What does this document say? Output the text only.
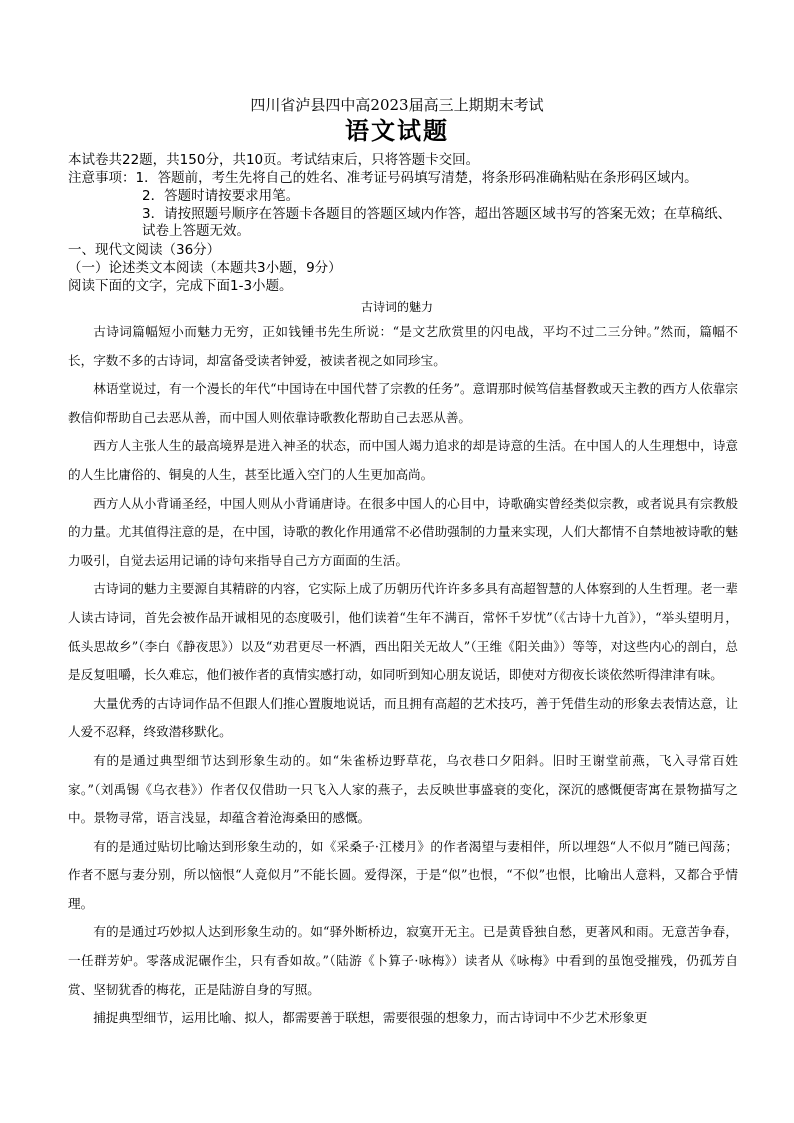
四川省泸县四中高2023届高三上期期末考试
语文试题
本试卷共22题，共150分，共10页。考试结束后，只将答题卡交回。
注意事项：1．答题前，考生先将自己的姓名、准考证号码填写清楚，将条形码准确粘贴在条形码区域内。
2．答题时请按要求用笔。
3．请按照题号顺序在答题卡各题目的答题区域内作答，超出答题区域书写的答案无效；在草稿纸、试卷上答题无效。
一、现代文阅读（36分）
（一）论述类文本阅读（本题共3小题，9分）
阅读下面的文字，完成下面1-3小题。
古诗词的魅力

古诗词篇幅短小而魅力无穷，正如钱锺书先生所说：“是文艺欣赏里的闪电战，平均不过二三分钟。”然而，篇幅不长，字数不多的古诗词，却富备受读者钟爱，被读者视之如同珍宝。

林语堂说过，有一个漫长的年代“中国诗在中国代替了宗教的任务”。意谓那时候笃信基督教或天主教的西方人依靠宗教信仰帮助自己去恶从善，而中国人则依靠诗歌教化帮助自己去恶从善。

西方人主张人生的最高境界是进入神圣的状态，而中国人竭力追求的却是诗意的生活。在中国人的人生理想中，诗意的人生比庸俗的、铜臭的人生，甚至比遁入空门的人生更加高尚。

西方人从小背诵圣经，中国人则从小背诵唐诗。在很多中国人的心目中，诗歌确实曾经类似宗教，或者说具有宗教般的力量。尤其值得注意的是，在中国，诗歌的教化作用通常不必借助强制的力量来实现，人们大都情不自禁地被诗歌的魅力吸引，自觉去运用记诵的诗句来指导自己方方面面的生活。

古诗词的魅力主要源自其精辟的内容，它实际上成了历朝历代许许多多具有高超智慧的人体察到的人生哲理。老一辈人读古诗词，首先会被作品开诚相见的态度吸引，他们读着“生年不满百，常怀千岁忧”（《古诗十九首》），“举头望明月，低头思故乡”（李白《静夜思》）以及“劝君更尽一杯酒，西出阳关无故人”（王维《阳关曲》）等等，对这些内心的剖白，总是反复咀嚼，长久难忘，他们被作者的真情实感打动，如同听到知心朋友说话，即使对方彻夜长谈依然听得津津有味。

大量优秀的古诗词作品不但跟人们推心置腹地说话，而且拥有高超的艺术技巧，善于凭借生动的形象去表情达意，让人爱不忍释，终致潜移默化。

有的是通过典型细节达到形象生动的。如“朱雀桥边野草花，乌衣巷口夕阳斜。旧时王谢堂前燕，飞入寻常百姓家。”（刘禹锡《乌衣巷》）作者仅仅借助一只飞入人家的燕子，去反映世事盛衰的变化，深沉的感慨便寄寓在景物描写之中。景物寻常，语言浅显，却蕴含着沧海桑田的感慨。

有的是通过贴切比喻达到形象生动的，如《采桑子·江楼月》的作者渴望与妻相伴，所以埋怨“人不似月”随已闯荡；作者不愿与妻分别，所以恼恨“人竟似月”不能长圆。爱得深，于是“似”也恨，“不似”也恨，比喻出人意料，又都合乎情理。

有的是通过巧妙拟人达到形象生动的。如“驿外断桥边，寂寞开无主。已是黄昏独自愁，更著风和雨。无意苦争春，一任群芳妒。零落成泥碾作尘，只有香如故。”（陆游《卜算子·咏梅》）读者从《咏梅》中看到的虽饱受摧残，仍孤芳自赏、坚韧犹香的梅花，正是陆游自身的写照。

捕捉典型细节，运用比喻、拟人，都需要善于联想，需要很强的想象力，而古诗词中不少艺术形象更
